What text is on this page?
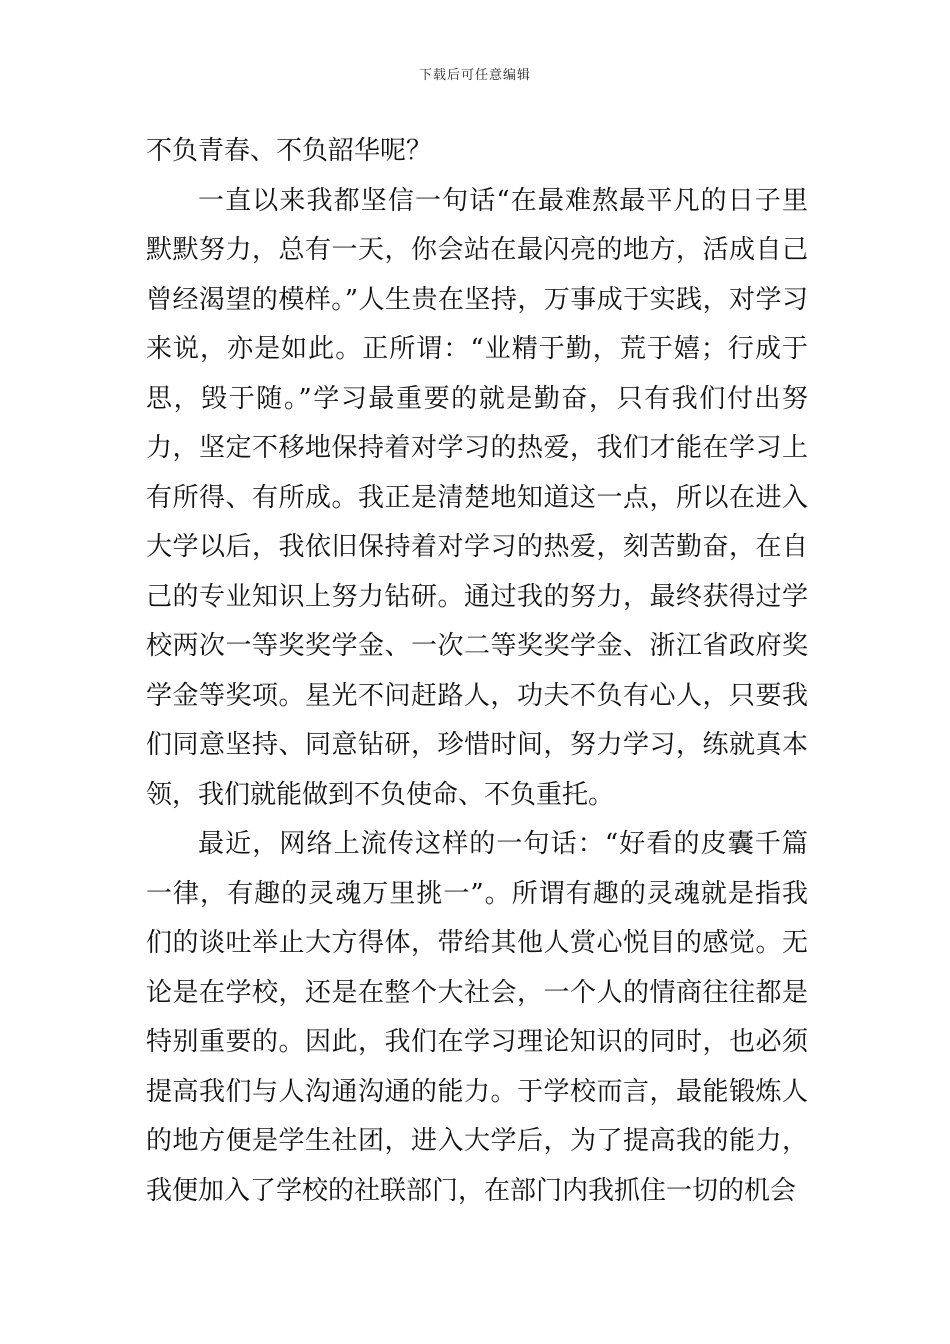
下载后可任意编辑

不负青春、不负韶华呢？

一直以来我都坚信一句话“在最难熬最平凡的日子里默默努力，总有一天，你会站在最闪亮的地方，活成自己曾经渴望的模样。”人生贵在坚持，万事成于实践，对学习来说，亦是如此。正所谓：“业精于勤，荒于嬉；行成于思，毁于随。”学习最重要的就是勤奋，只有我们付出努力，坚定不移地保持着对学习的热爱，我们才能在学习上有所得、有所成。我正是清楚地知道这一点，所以在进入大学以后，我依旧保持着对学习的热爱，刻苦勤奋，在自己的专业知识上努力钻研。通过我的努力，最终获得过学校两次一等奖奖学金、一次二等奖奖学金、浙江省政府奖学金等奖项。星光不问赶路人，功夫不负有心人，只要我们同意坚持、同意钻研，珍惜时间，努力学习，练就真本领，我们就能做到不负使命、不负重托。

最近，网络上流传这样的一句话：“好看的皮囊千篇一律，有趣的灵魂万里挑一”。所谓有趣的灵魂就是指我们的谈吐举止大方得体，带给其他人赏心悦目的感觉。无论是在学校，还是在整个大社会，一个人的情商往往都是特别重要的。因此，我们在学习理论知识的同时，也必须提高我们与人沟通沟通的能力。于学校而言，最能锻炼人的地方便是学生社团，进入大学后，为了提高我的能力，我便加入了学校的社联部门，在部门内我抓住一切的机会
